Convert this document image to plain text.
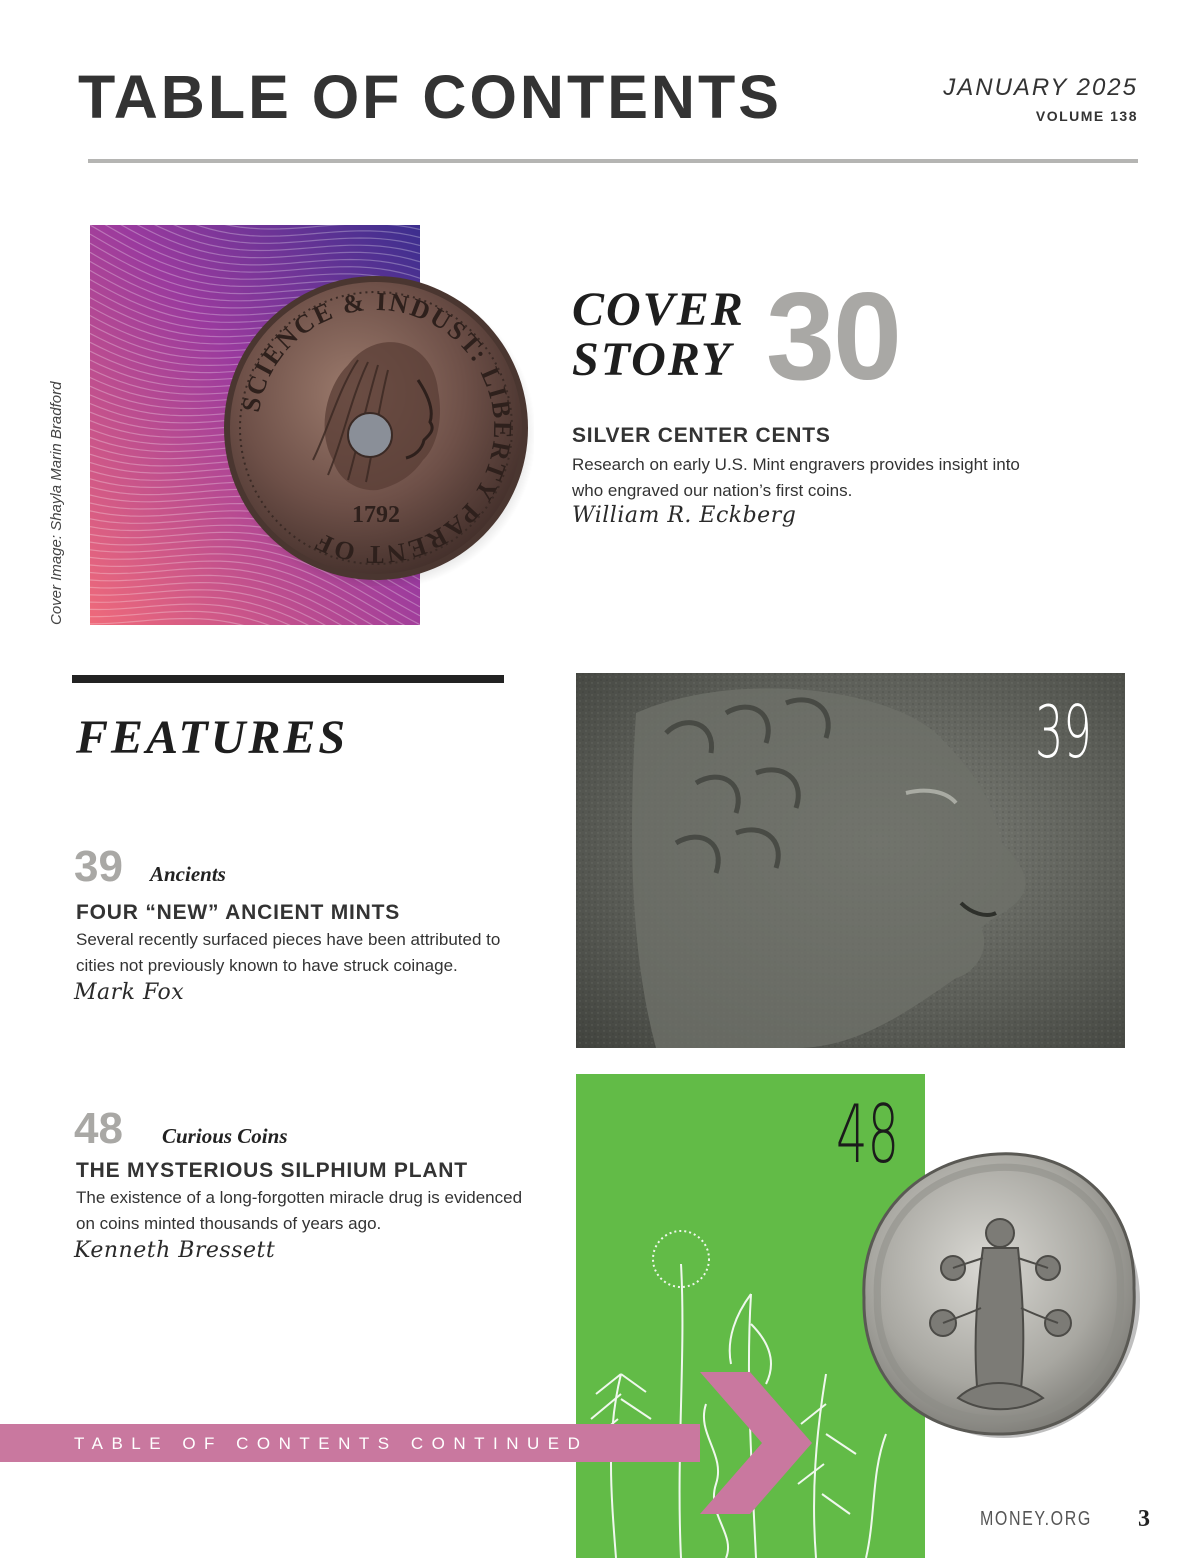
TABLE OF CONTENTS	JANUARY 2025
VOLUME 138
Cover Image: Shayla Marin Bradford	SCIENCE & INDUST: LIBERTY PARENT OF
1792
COVER
STORY 30
SILVER CENTER CENTS
Research on early U.S. Mint engravers provides insight into who engraved our nation’s first coins.
William R. Eckberg
FEATURES
39 Ancients
FOUR “NEW” ANCIENT MINTS
Several recently surfaced pieces have been attributed to cities not previously known to have struck coinage.
Mark Fox
48 Curious Coins
THE MYSTERIOUS SILPHIUM PLANT
The existence of a long-forgotten miracle drug is evidenced on coins minted thousands of years ago.
Kenneth Bressett
39
48
TABLE OF CONTENTS CONTINUED
MONEY.ORG 3
